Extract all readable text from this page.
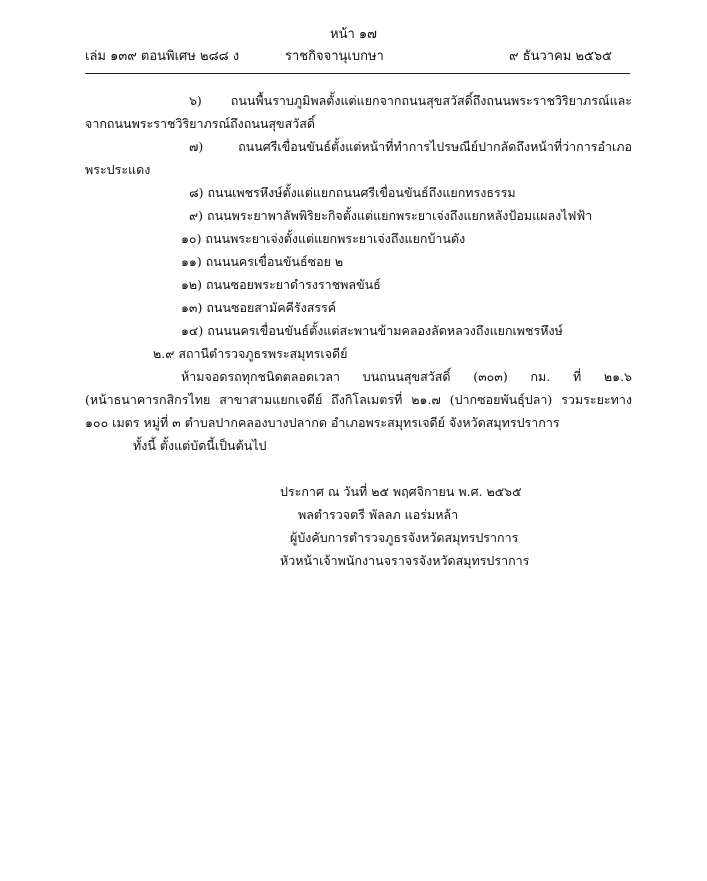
หน้า ๑๗
เล่ม ๑๓๙ ตอนพิเศษ ๒๘๘ ง	ราชกิจจานุเบกษา	๙ ธันวาคม ๒๕๖๕
๖) ถนนพื้นราบภูมิพลตั้งแต่แยกจากถนนสุขสวัสดิ์ถึงถนนพระราชวิริยาภรณ์และ
จากถนนพระราชวิริยาภรณ์ถึงถนนสุขสวัสดิ์
๗) ถนนศรีเขื่อนขันธ์ตั้งแต่หน้าที่ทำการไปรษณีย์ปากลัดถึงหน้าที่ว่าการอำเภอ
พระประแดง
๘) ถนนเพชรหึงษ์ตั้งแต่แยกถนนศรีเขื่อนขันธ์ถึงแยกทรงธรรม
๙) ถนนพระยาพาลัพพิริยะกิจตั้งแต่แยกพระยาเจ่งถึงแยกหลังป้อมแผลงไฟฟ้า
๑๐) ถนนพระยาเจ่งตั้งแต่แยกพระยาเจ่งถึงแยกบ้านดัง
๑๑) ถนนนครเขื่อนขันธ์ซอย ๒
๑๒) ถนนซอยพระยาดำรงราชพลขันธ์
๑๓) ถนนซอยสามัคคีรังสรรค์
๑๔) ถนนนครเขื่อนขันธ์ตั้งแต่สะพานข้ามคลองลัดหลวงถึงแยกเพชรหึงษ์
๒.๙ สถานีตำรวจภูธรพระสมุทรเจดีย์
ห้ามจอดรถทุกชนิดตลอดเวลา บนถนนสุขสวัสดิ์ (๓๐๓) กม. ที่ ๒๑.๖
(หน้าธนาคารกสิกรไทย สาขาสามแยกเจดีย์ ถึงกิโลเมตรที่ ๒๑.๗ (ปากซอยพันธุ์ปลา) รวมระยะทาง
๑๐๐ เมตร หมู่ที่ ๓ ตำบลปากคลองบางปลากด อำเภอพระสมุทรเจดีย์ จังหวัดสมุทรปราการ
ทั้งนี้ ตั้งแต่บัดนี้เป็นต้นไป
ประกาศ ณ วันที่ ๒๕ พฤศจิกายน พ.ศ. ๒๕๖๕
พลตำรวจตรี พัลลภ แอร่มหล้า
ผู้บังคับการตำรวจภูธรจังหวัดสมุทรปราการ
หัวหน้าเจ้าพนักงานจราจรจังหวัดสมุทรปราการ
